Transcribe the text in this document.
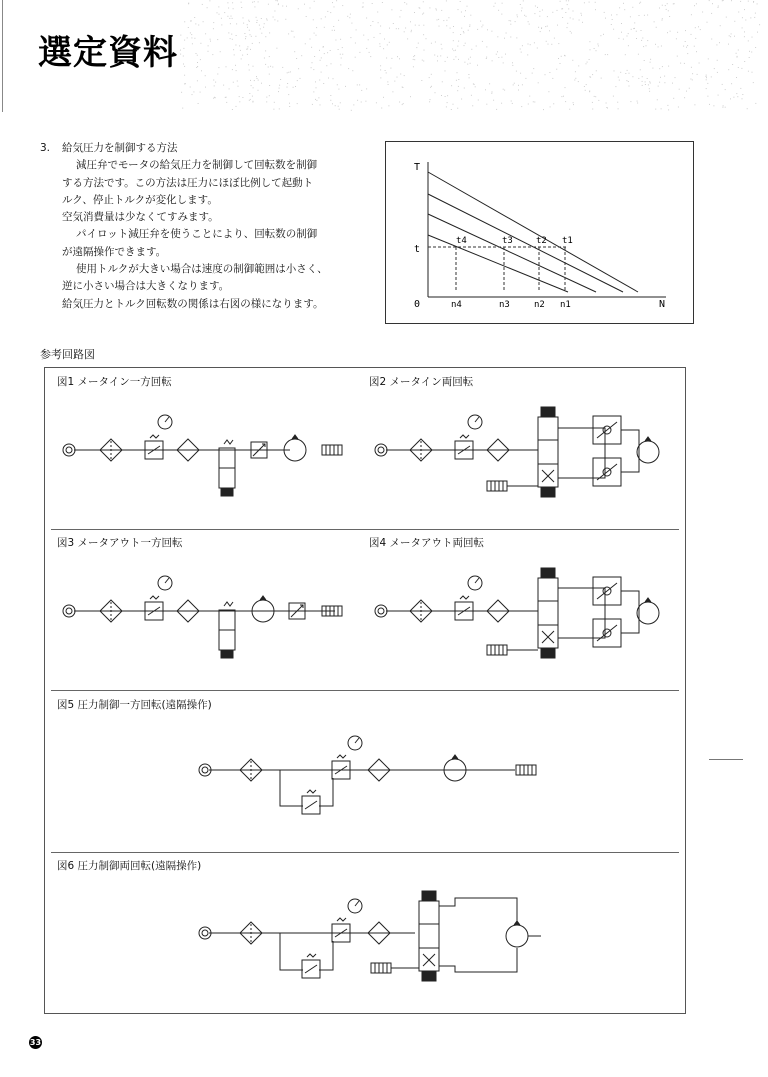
選定資料

3. 給気圧力を制御する方法

減圧弁でモータの給気圧力を制御して回転数を制御

する方法です。この方法は圧力にほぼ比例して起動ト

ルク、停止トルクが変化します。

空気消費量は少なくてすみます。

パイロット減圧弁を使うことにより、回転数の制御

が遠隔操作できます。

使用トルクが大きい場合は速度の制御範囲は小さく、

逆に小さい場合は大きくなります。

給気圧力とトルク回転数の関係は右図の様になります。

T
N
0
t
t4	t3	t2 t1
n4	n3	n2 n1
参考回路図
図1 メータイン一方回転	図2 メータイン両回転
図3 メータアウト一方回転	図4 メータアウト両回転
図5 圧力制御一方回転(遠隔操作)
図6 圧力制御両回転(遠隔操作)
33
